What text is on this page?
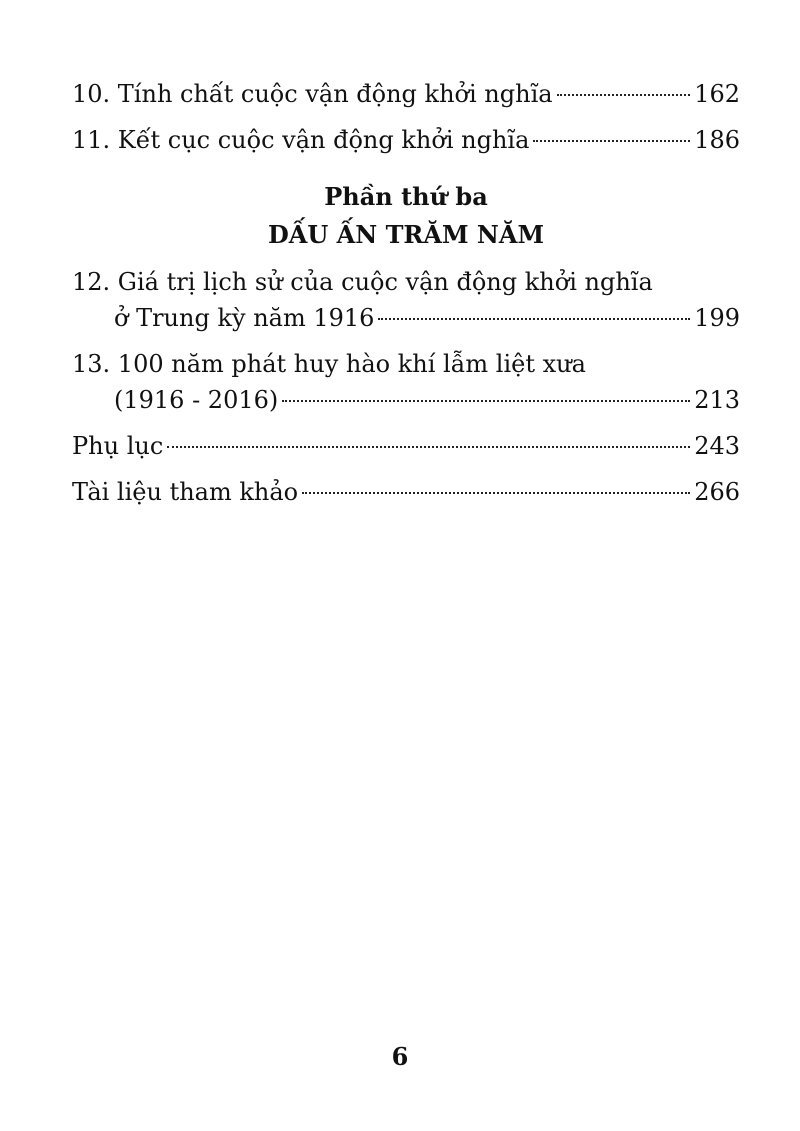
10. Tính chất cuộc vận động khởi nghĩa	162
11. Kết cục cuộc vận động khởi nghĩa	186
Phần thứ ba
DẤU ẤN TRĂM NĂM
12. Giá trị lịch sử của cuộc vận động khởi nghĩa
ở Trung kỳ năm 1916	199
13. 100 năm phát huy hào khí lẫm liệt xưa
(1916 - 2016)	213
Phụ lục	243
Tài liệu tham khảo	266
6
